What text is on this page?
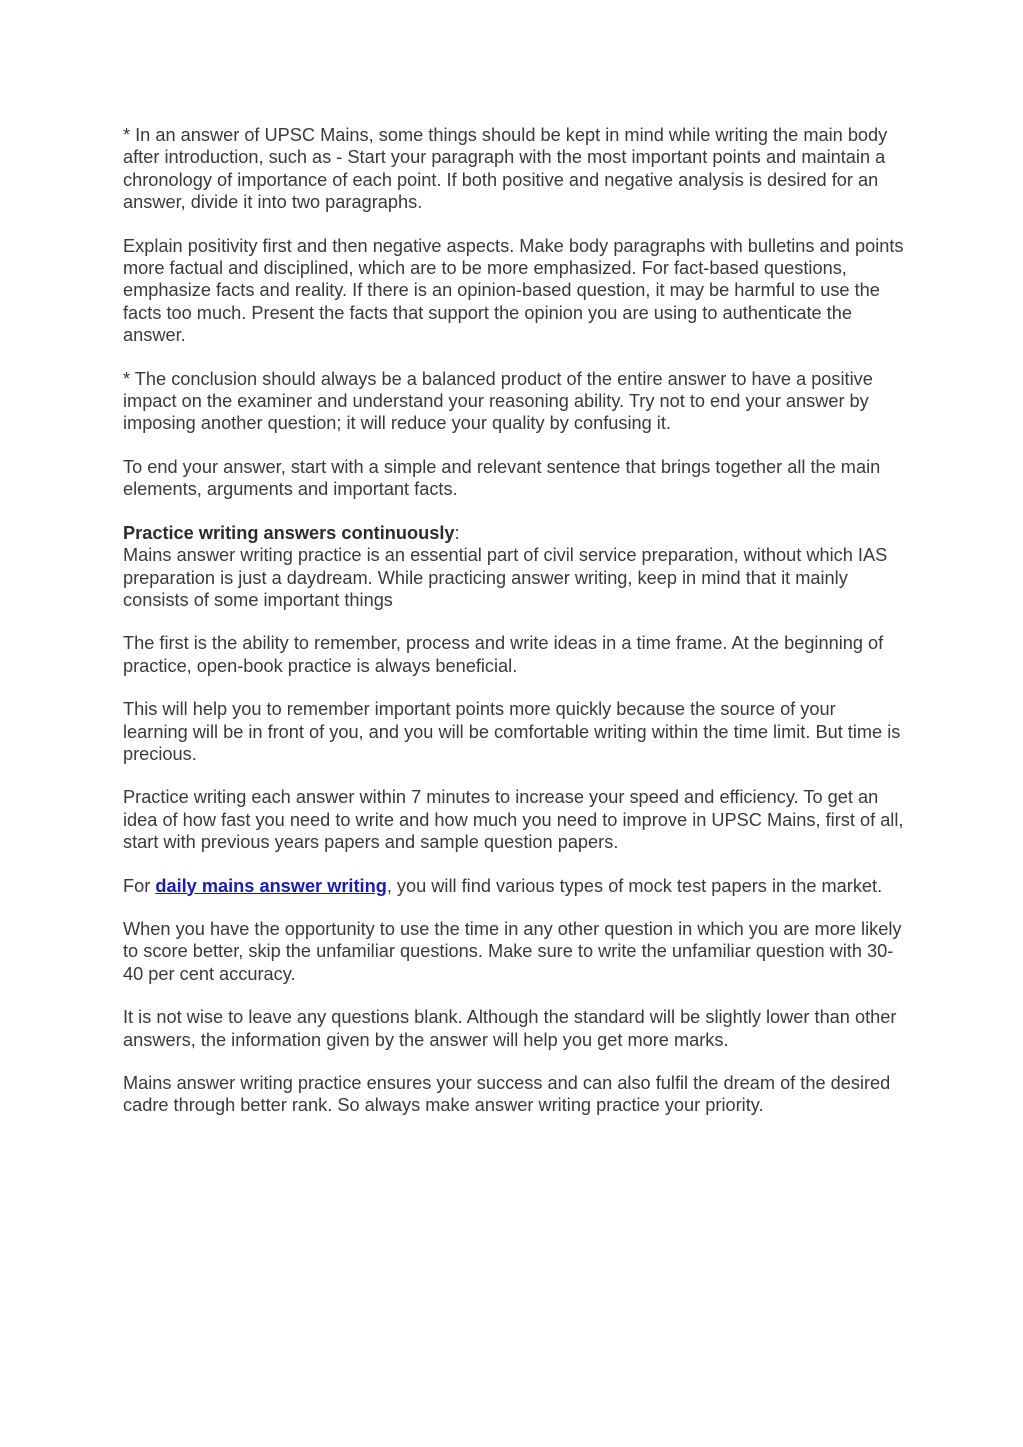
* In an answer of UPSC Mains, some things should be kept in mind while writing the main body after introduction, such as - Start your paragraph with the most important points and maintain a chronology of importance of each point. If both positive and negative analysis is desired for an answer, divide it into two paragraphs.

Explain positivity first and then negative aspects. Make body paragraphs with bulletins and points more factual and disciplined, which are to be more emphasized. For fact-based questions, emphasize facts and reality. If there is an opinion-based question, it may be harmful to use the facts too much. Present the facts that support the opinion you are using to authenticate the answer.

* The conclusion should always be a balanced product of the entire answer to have a positive impact on the examiner and understand your reasoning ability. Try not to end your answer by imposing another question; it will reduce your quality by confusing it.

To end your answer, start with a simple and relevant sentence that brings together all the main elements, arguments and important facts.

Practice writing answers continuously:
Mains answer writing practice is an essential part of civil service preparation, without which IAS preparation is just a daydream. While practicing answer writing, keep in mind that it mainly consists of some important things

The first is the ability to remember, process and write ideas in a time frame. At the beginning of practice, open-book practice is always beneficial.

This will help you to remember important points more quickly because the source of your learning will be in front of you, and you will be comfortable writing within the time limit. But time is precious.

Practice writing each answer within 7 minutes to increase your speed and efficiency. To get an idea of how fast you need to write and how much you need to improve in UPSC Mains, first of all, start with previous years papers and sample question papers.

For daily mains answer writing, you will find various types of mock test papers in the market.

When you have the opportunity to use the time in any other question in which you are more likely to score better, skip the unfamiliar questions. Make sure to write the unfamiliar question with 30-40 per cent accuracy.

It is not wise to leave any questions blank. Although the standard will be slightly lower than other answers, the information given by the answer will help you get more marks.

Mains answer writing practice ensures your success and can also fulfil the dream of the desired cadre through better rank. So always make answer writing practice your priority.
